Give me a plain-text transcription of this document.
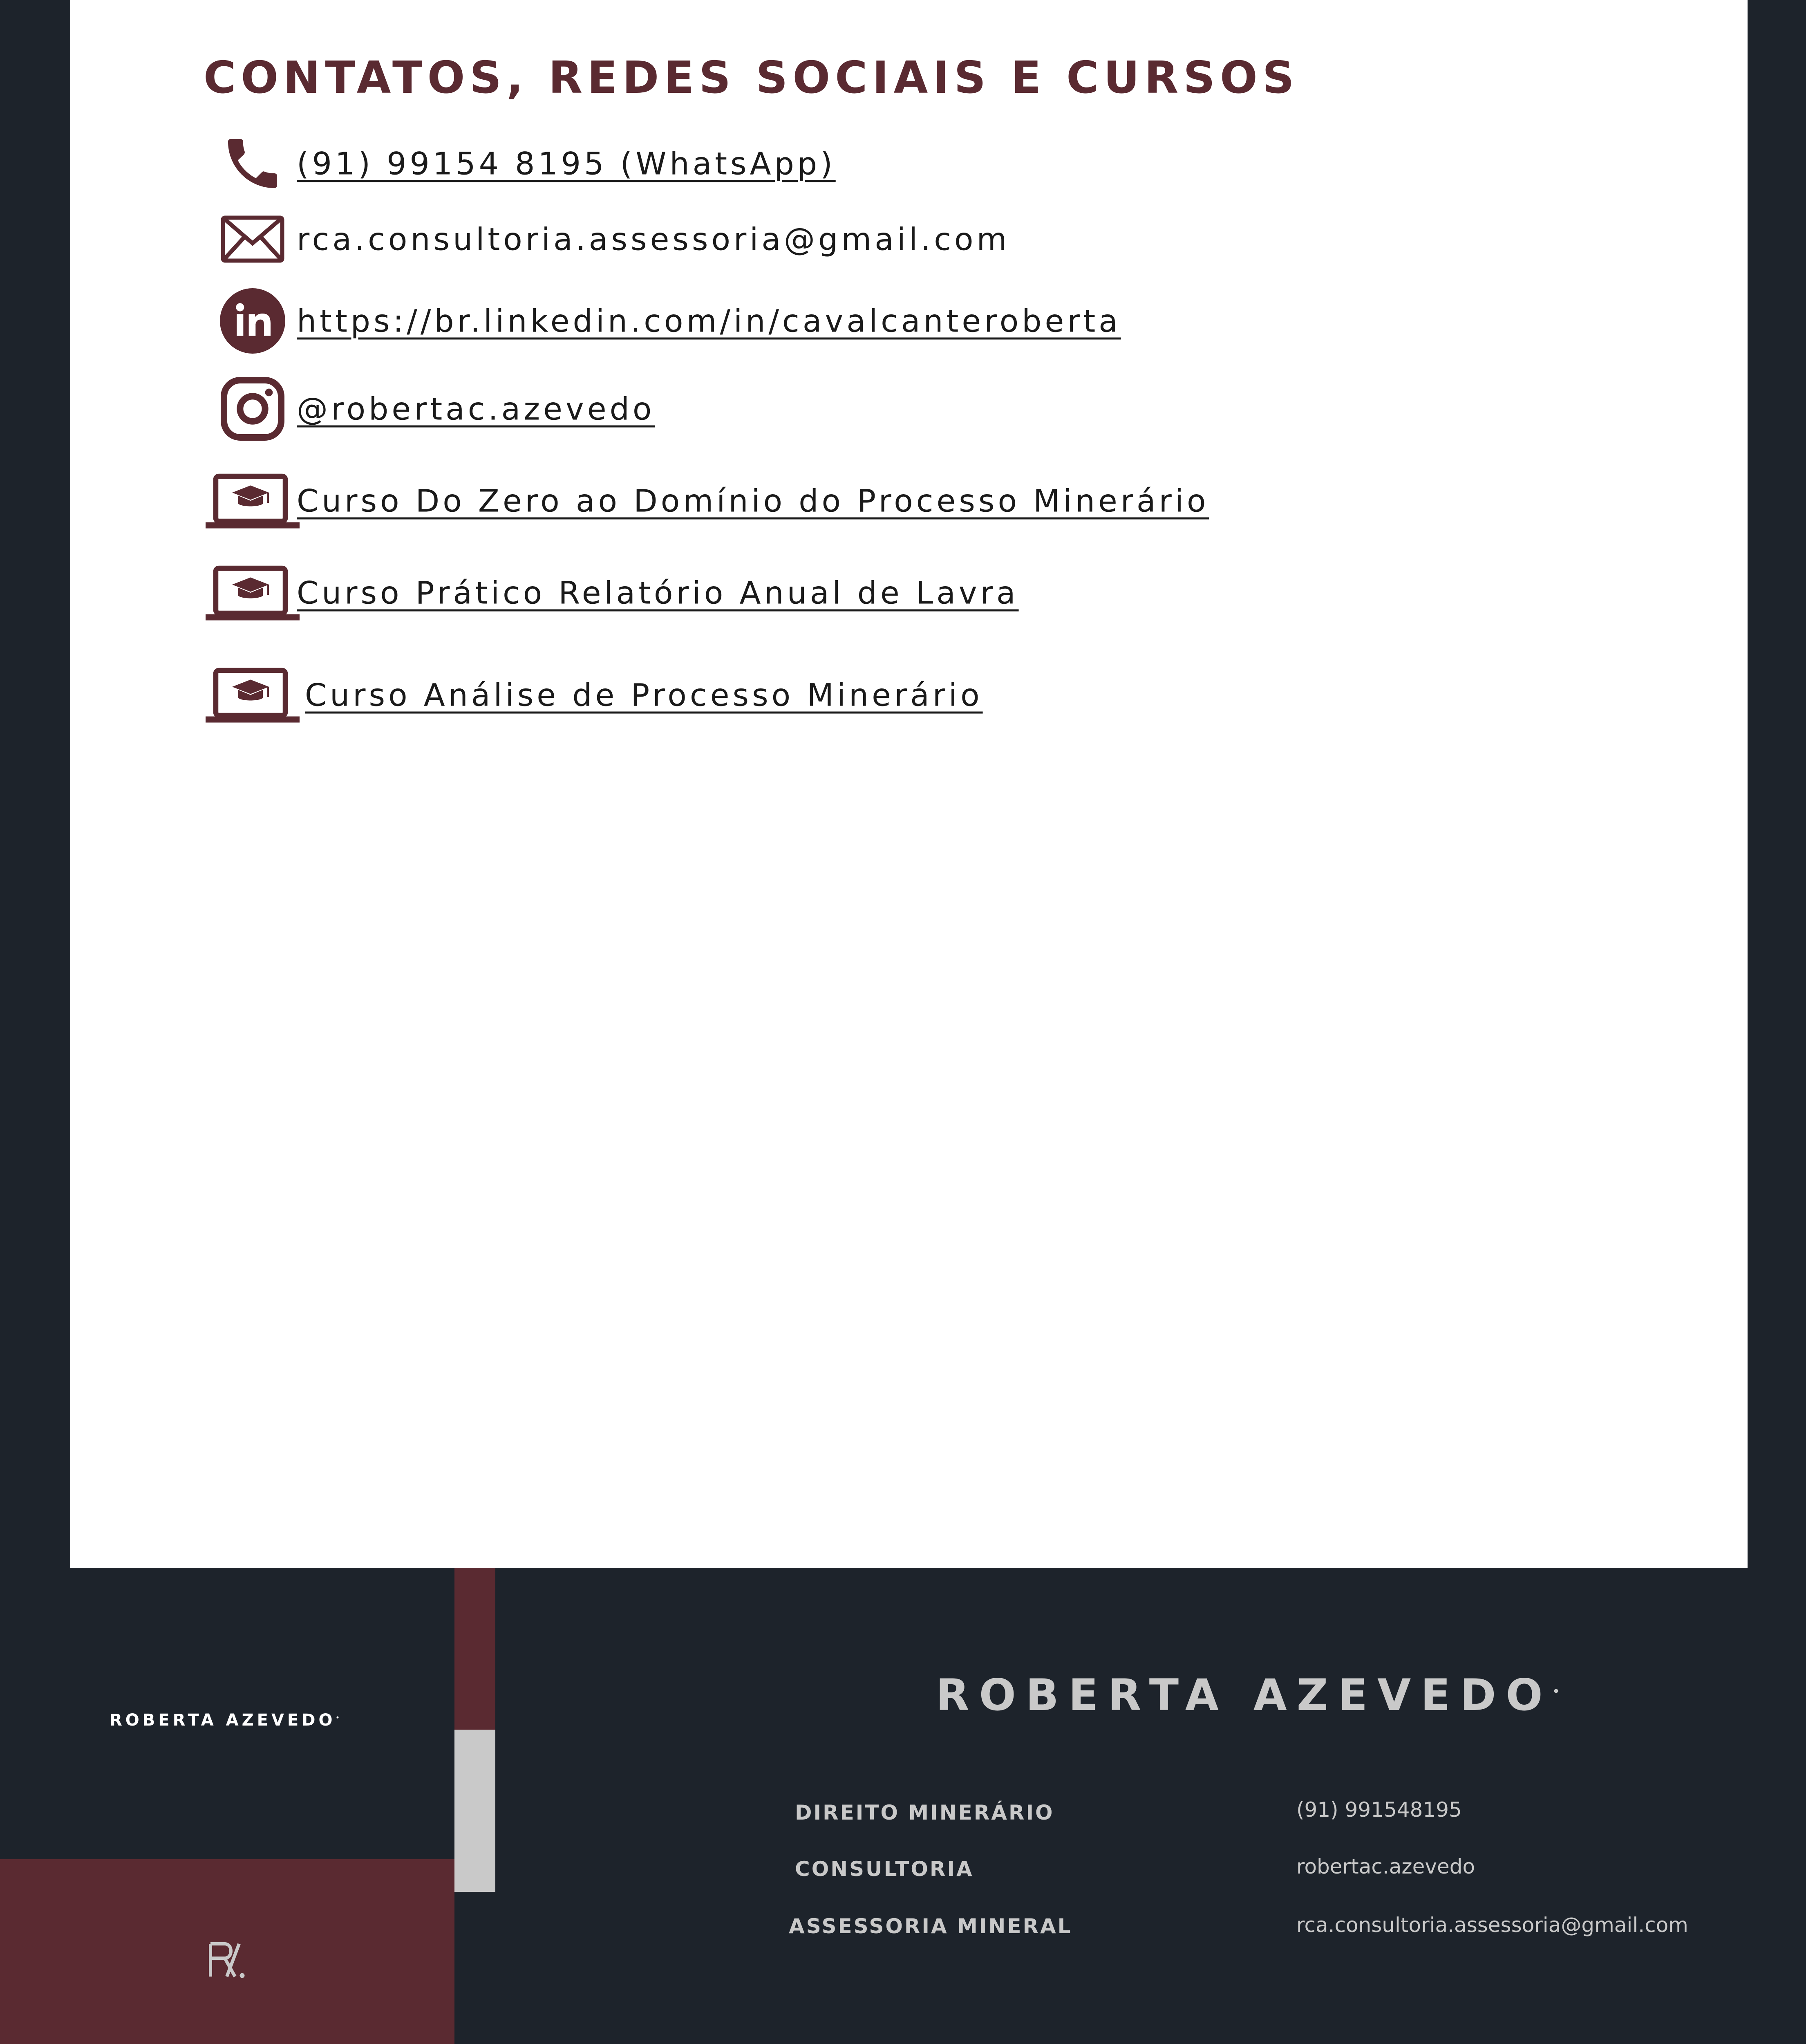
CONTATOS, REDES SOCIAIS E CURSOS
(91) 99154 8195 (WhatsApp)
rca.consultoria.assessoria@gmail.com
https://br.linkedin.com/in/cavalcanteroberta
@robertac.azevedo
Curso Do Zero ao Domínio do Processo Minerário
Curso Prático Relatório Anual de Lavra
Curso Análise de Processo Minerário
ROBERTA AZEVEDO•	ROBERTA AZEVEDO•
DIREITO MINERÁRIO
CONSULTORIA
ASSESSORIA MINERAL
(91) 991548195
robertac.azevedo
rca.consultoria.assessoria@gmail.com
